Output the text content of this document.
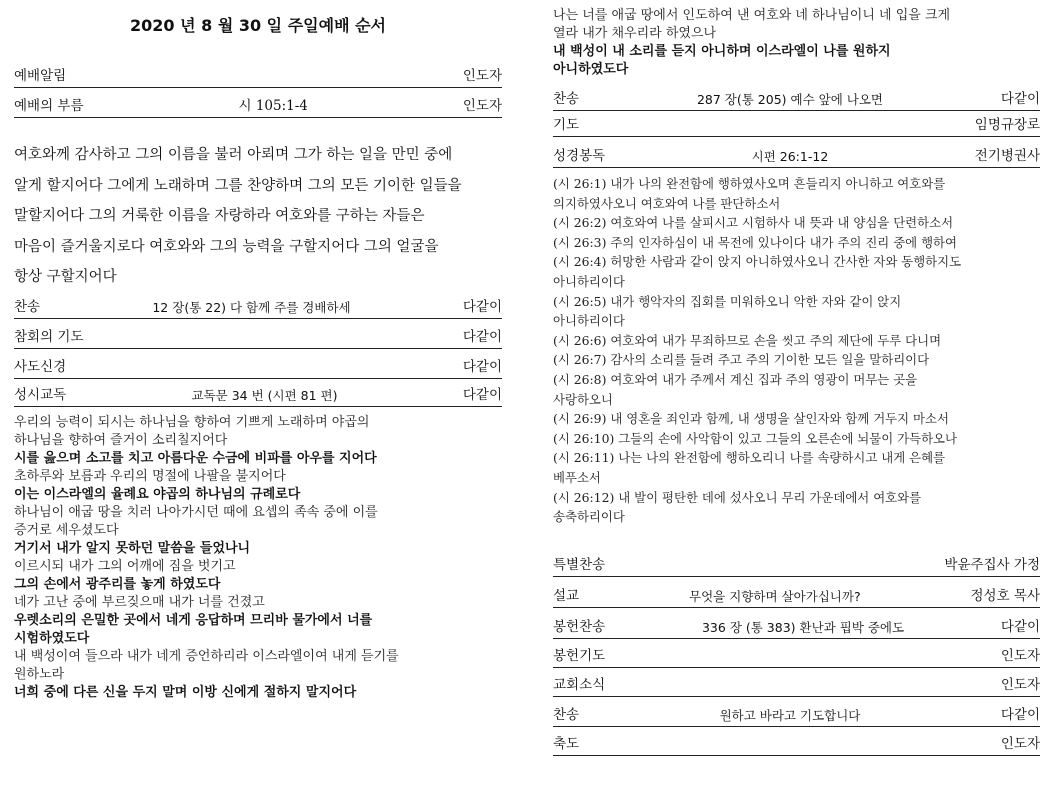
2020 년 8 월 30 일 주일예배 순서
예배알림	인도자
예배의 부름	시 105:1-4	인도자
여호와께 감사하고 그의 이름을 불러 아뢰며 그가 하는 일을 만민 중에
알게 할지어다 그에게 노래하며 그를 찬양하며 그의 모든 기이한 일들을
말할지어다 그의 거룩한 이름을 자랑하라 여호와를 구하는 자들은
마음이 즐거울지로다 여호와와 그의 능력을 구할지어다 그의 얼굴을
항상 구할지어다
찬송	12 장(통 22) 다 함께 주를 경배하세	다같이
참회의 기도	다같이
사도신경	다같이
성시교독	교독문 34 번 (시편 81 편)	다같이
우리의 능력이 되시는 하나님을 향하여 기쁘게 노래하며 야곱의
하나님을 향하여 즐거이 소리칠지어다
시를 읊으며 소고를 치고 아름다운 수금에 비파를 아우를 지어다
초하루와 보름과 우리의 명절에 나팔을 불지어다
이는 이스라엘의 율례요 야곱의 하나님의 규례로다
하나님이 애굽 땅을 치러 나아가시던 때에 요셉의 족속 중에 이를
증거로 세우셨도다
거기서 내가 알지 못하던 말씀을 들었나니
이르시되 내가 그의 어깨에 짐을 벗기고
그의 손에서 광주리를 놓게 하였도다
네가 고난 중에 부르짖으매 내가 너를 건졌고
우렛소리의 은밀한 곳에서 네게 응답하며 므리바 물가에서 너를
시험하였도다
내 백성이여 들으라 내가 네게 증언하리라 이스라엘이여 내게 듣기를
원하노라
너희 중에 다른 신을 두지 말며 이방 신에게 절하지 말지어다
나는 너를 애굽 땅에서 인도하여 낸 여호와 네 하나님이니 네 입을 크게
열라 내가 채우리라 하였으나
내 백성이 내 소리를 듣지 아니하며 이스라엘이 나를 원하지
아니하였도다
찬송	287 장(통 205) 예수 앞에 나오면	다같이
기도	임명규장로
성경봉독	시편 26:1-12	전기병권사
(시 26:1) 내가 나의 완전함에 행하였사오며 흔들리지 아니하고 여호와를
의지하였사오니 여호와여 나를 판단하소서
(시 26:2) 여호와여 나를 살피시고 시험하사 내 뜻과 내 양심을 단련하소서
(시 26:3) 주의 인자하심이 내 목전에 있나이다 내가 주의 진리 중에 행하여
(시 26:4) 허망한 사람과 같이 앉지 아니하였사오니 간사한 자와 동행하지도
아니하리이다
(시 26:5) 내가 행악자의 집회를 미워하오니 악한 자와 같이 앉지
아니하리이다
(시 26:6) 여호와여 내가 무죄하므로 손을 씻고 주의 제단에 두루 다니며
(시 26:7) 감사의 소리를 들려 주고 주의 기이한 모든 일을 말하리이다
(시 26:8) 여호와여 내가 주께서 계신 집과 주의 영광이 머무는 곳을
사랑하오니
(시 26:9) 내 영혼을 죄인과 함께, 내 생명을 살인자와 함께 거두지 마소서
(시 26:10) 그들의 손에 사악함이 있고 그들의 오른손에 뇌물이 가득하오나
(시 26:11) 나는 나의 완전함에 행하오리니 나를 속량하시고 내게 은혜를
베푸소서
(시 26:12) 내 발이 평탄한 데에 섰사오니 무리 가운데에서 여호와를
송축하리이다
특별찬송	박윤주집사 가정
설교	무엇을 지향하며 살아가십니까?	정성호 목사
봉헌찬송	336 장 (통 383) 환난과 핍박 중에도	다같이
봉헌기도	인도자
교회소식	인도자
찬송	원하고 바라고 기도합니다	다같이
축도	인도자
